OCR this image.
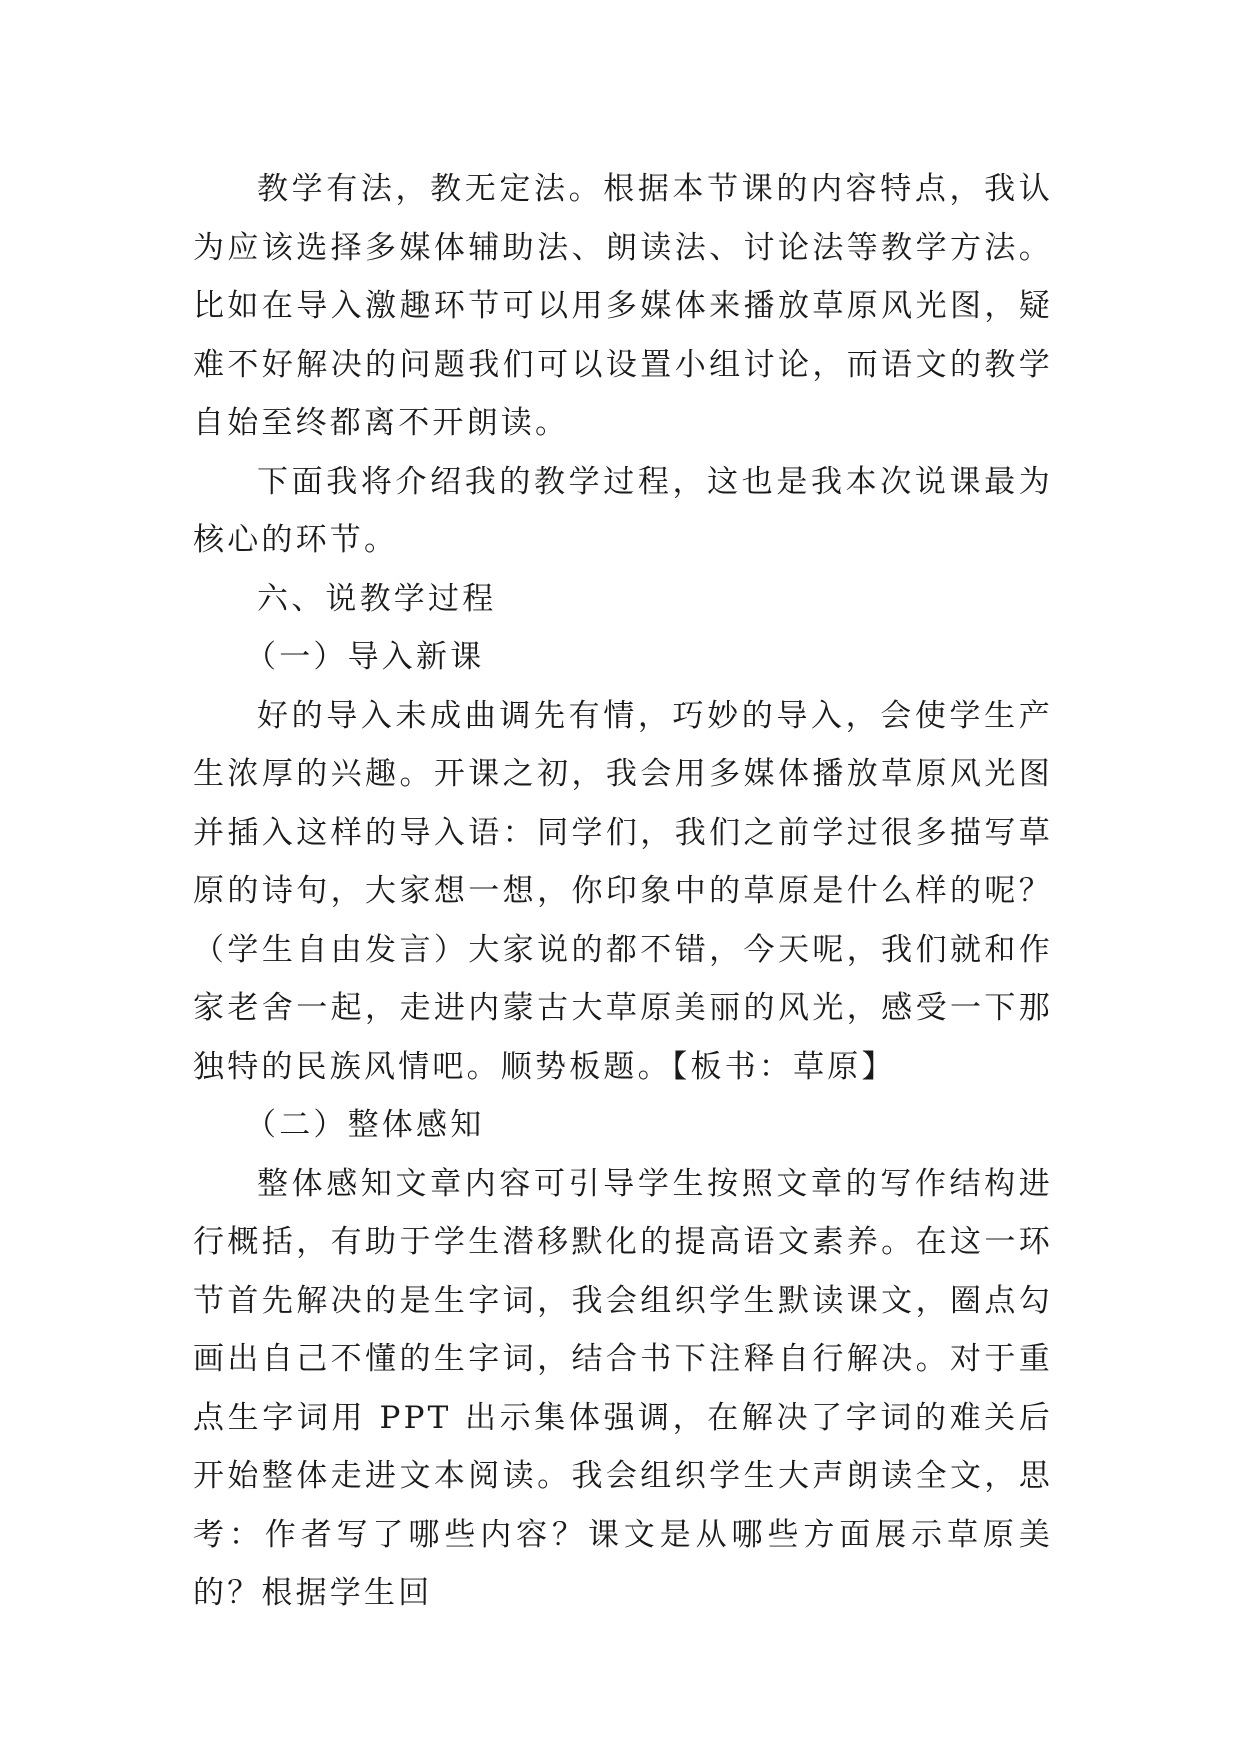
教学有法，教无定法。根据本节课的内容特点，我认为应该选择多媒体辅助法、朗读法、讨论法等教学方法。比如在导入激趣环节可以用多媒体来播放草原风光图，疑难不好解决的问题我们可以设置小组讨论，而语文的教学自始至终都离不开朗读。

下面我将介绍我的教学过程，这也是我本次说课最为核心的环节。

六、说教学过程

（一）导入新课

好的导入未成曲调先有情，巧妙的导入，会使学生产生浓厚的兴趣。开课之初，我会用多媒体播放草原风光图并插入这样的导入语：同学们，我们之前学过很多描写草原的诗句，大家想一想，你印象中的草原是什么样的呢？（学生自由发言）大家说的都不错，今天呢，我们就和作家老舍一起，走进内蒙古大草原美丽的风光，感受一下那独特的民族风情吧。顺势板题。【板书：草原】

（二）整体感知

整体感知文章内容可引导学生按照文章的写作结构进行概括，有助于学生潜移默化的提高语文素养。在这一环节首先解决的是生字词，我会组织学生默读课文，圈点勾画出自己不懂的生字词，结合书下注释自行解决。对于重点生字词用 PPT 出示集体强调，在解决了字词的难关后开始整体走进文本阅读。我会组织学生大声朗读全文，思考：作者写了哪些内容？课文是从哪些方面展示草原美的？根据学生回
